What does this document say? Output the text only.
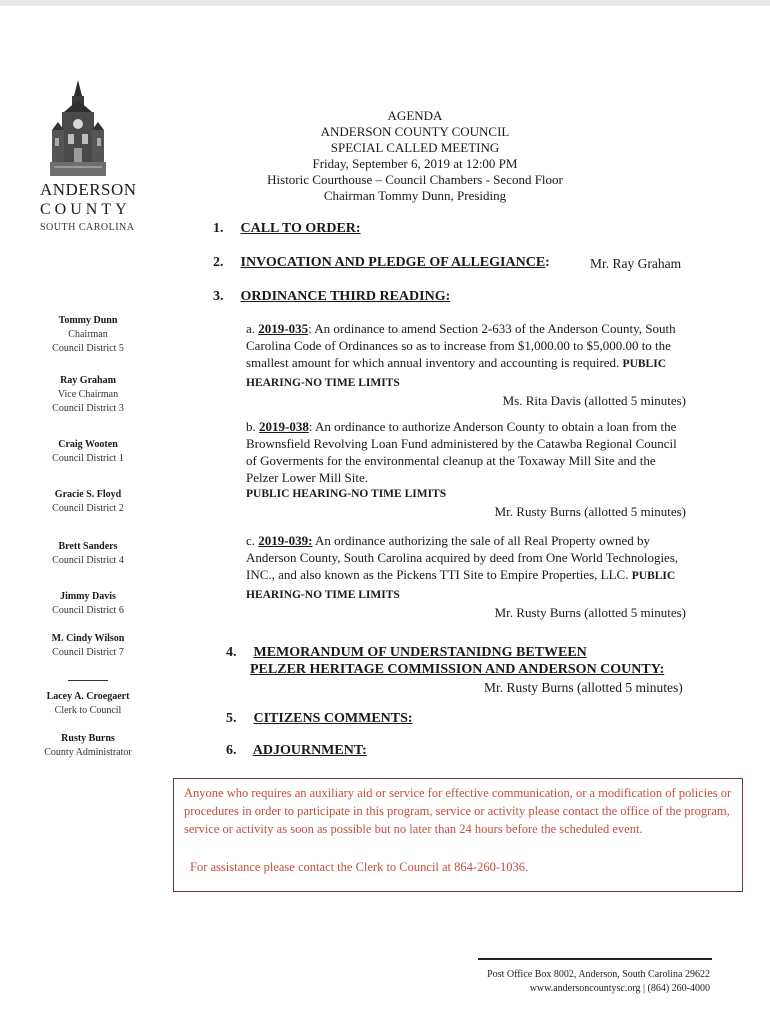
ANDERSON
COUNTY
SOUTH CAROLINA
AGENDA
ANDERSON COUNTY COUNCIL
SPECIAL CALLED MEETING
Friday, September 6, 2019 at 12:00 PM
Historic Courthouse – Council Chambers - Second Floor
Chairman Tommy Dunn, Presiding
Tommy Dunn
Chairman
Council District 5
Ray Graham
Vice Chairman
Council District 3
Craig Wooten
Council District 1
Gracie S. Floyd
Council District 2
Brett Sanders
Council District 4
Jimmy Davis
Council District 6
M. Cindy Wilson
Council District 7
Lacey A. Croegaert
Clerk to Council
Rusty Burns
County Administrator
1. CALL TO ORDER:
2. INVOCATION AND PLEDGE OF ALLEGIANCE:	Mr. Ray Graham
3. ORDINANCE THIRD READING:
a. 2019-035: An ordinance to amend Section 2-633 of the Anderson County, South Carolina Code of Ordinances so as to increase from $1,000.00 to $5,000.00 to the smallest amount for which annual inventory and accounting is required. PUBLIC HEARING-NO TIME LIMITS
Ms. Rita Davis (allotted 5 minutes)
b. 2019-038: An ordinance to authorize Anderson County to obtain a loan from the Brownsfield Revolving Loan Fund administered by the Catawba Regional Council of Goverments for the environmental cleanup at the Toxaway Mill Site and the Pelzer Lower Mill Site.
PUBLIC HEARING-NO TIME LIMITS
Mr. Rusty Burns (allotted 5 minutes)
c. 2019-039: An ordinance authorizing the sale of all Real Property owned by Anderson County, South Carolina acquired by deed from One World Technologies, INC., and also known as the Pickens TTI Site to Empire Properties, LLC. PUBLIC HEARING-NO TIME LIMITS
Mr. Rusty Burns (allotted 5 minutes)
4. MEMORANDUM OF UNDERSTANIDNG BETWEEN
PELZER HERITAGE COMMISSION AND ANDERSON COUNTY:
Mr. Rusty Burns (allotted 5 minutes)
5. CITIZENS COMMENTS:
6. ADJOURNMENT:
Anyone who requires an auxiliary aid or service for effective communication, or a modification of policies or procedures in order to participate in this program, service or activity please contact the office of the program, service or activity as soon as possible but no later than 24 hours before the scheduled event.
For assistance please contact the Clerk to Council at 864-260-1036.
Post Office Box 8002, Anderson, South Carolina 29622
www.andersoncountysc.org | (864) 260-4000
